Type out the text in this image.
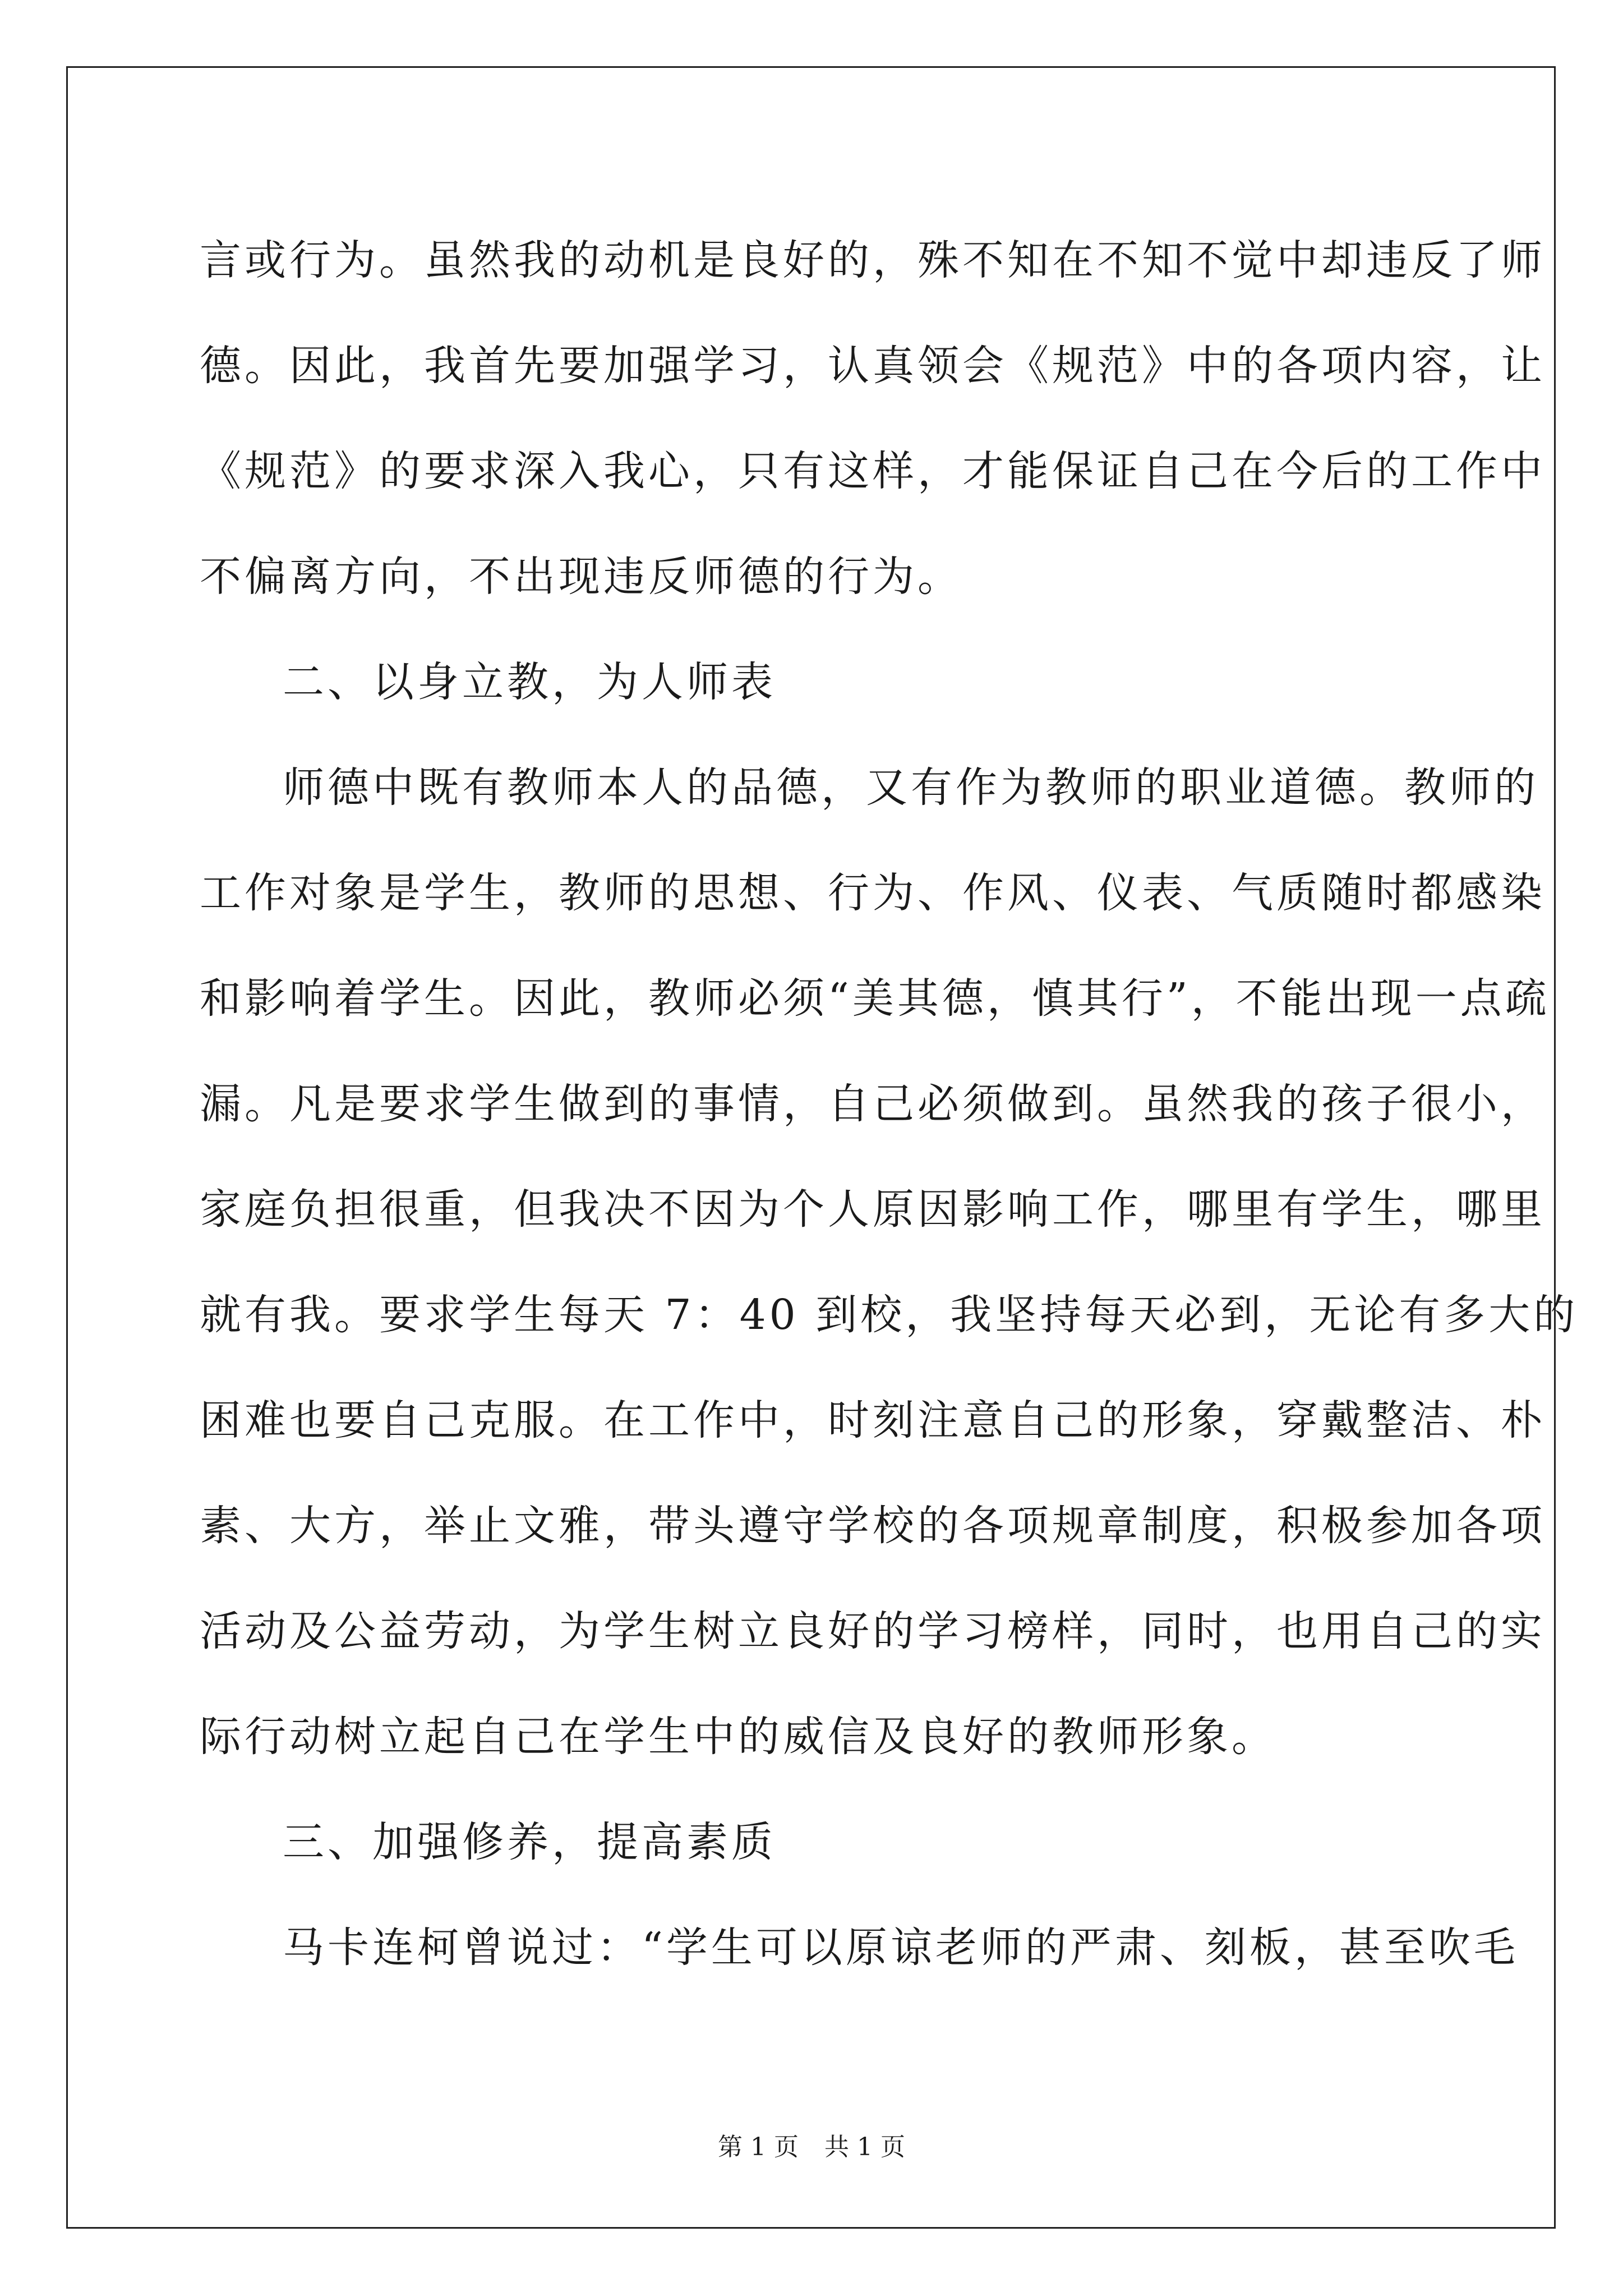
言或行为。虽然我的动机是良好的，殊不知在不知不觉中却违反了师
德。因此，我首先要加强学习，认真领会《规范》中的各项内容，让
《规范》的要求深入我心，只有这样，才能保证自己在今后的工作中
不偏离方向，不出现违反师德的行为。
二、以身立教，为人师表
师德中既有教师本人的品德，又有作为教师的职业道德。教师的
工作对象是学生，教师的思想、行为、作风、仪表、气质随时都感染
和影响着学生。因此，教师必须“美其德，慎其行”，不能出现一点疏
漏。凡是要求学生做到的事情，自己必须做到。虽然我的孩子很小，
家庭负担很重，但我决不因为个人原因影响工作，哪里有学生，哪里
就有我。要求学生每天 7：40 到校，我坚持每天必到，无论有多大的
困难也要自己克服。在工作中，时刻注意自己的形象，穿戴整洁、朴
素、大方，举止文雅，带头遵守学校的各项规章制度，积极参加各项
活动及公益劳动，为学生树立良好的学习榜样，同时，也用自己的实
际行动树立起自己在学生中的威信及良好的教师形象。
三、加强修养，提高素质
马卡连柯曾说过：“学生可以原谅老师的严肃、刻板，甚至吹毛
第 1 页 共 1 页
